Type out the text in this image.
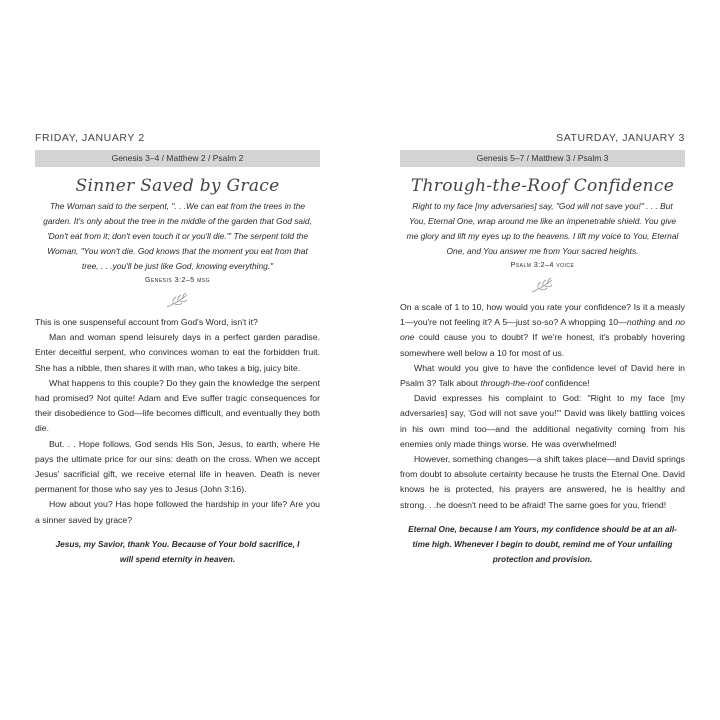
FRIDAY, JANUARY 2
Genesis 3–4 / Matthew 2 / Psalm 2
Sinner Saved by Grace
The Woman said to the serpent, ". . .We can eat from the trees in the garden. It's only about the tree in the middle of the garden that God said, 'Don't eat from it; don't even touch it or you'll die.'" The serpent told the Woman, "You won't die. God knows that the moment you eat from that tree, . . .you'll be just like God, knowing everything."
Genesis 3:2–5 msg

This is one suspenseful account from God's Word, isn't it?

Man and woman spend leisurely days in a perfect garden paradise. Enter deceitful serpent, who convinces woman to eat the forbidden fruit. She has a nibble, then shares it with man, who takes a big, juicy bite.

What happens to this couple? Do they gain the knowledge the serpent had promised? Not quite! Adam and Eve suffer tragic consequences for their disobedience to God—life becomes difficult, and eventually they both die.

But. . . Hope follows. God sends His Son, Jesus, to earth, where He pays the ultimate price for our sins: death on the cross. When we accept Jesus' sacrificial gift, we receive eternal life in heaven. Death is never permanent for those who say yes to Jesus (John 3:16).

How about you? Has hope followed the hardship in your life? Are you a sinner saved by grace?

Jesus, my Savior, thank You. Because of Your bold sacrifice, I will spend eternity in heaven.
SATURDAY, JANUARY 3
Genesis 5–7 / Matthew 3 / Psalm 3
Through-the-Roof Confidence
Right to my face [my adversaries] say, "God will not save you!" . . . But You, Eternal One, wrap around me like an impenetrable shield. You give me glory and lift my eyes up to the heavens. I lift my voice to You, Eternal One, and You answer me from Your sacred heights.
Psalm 3:2–4 voice

On a scale of 1 to 10, how would you rate your confidence? Is it a measly 1—you're not feeling it? A 5—just so-so? A whopping 10—nothing and no one could cause you to doubt? If we're honest, it's probably hovering somewhere well below a 10 for most of us.

What would you give to have the confidence level of David here in Psalm 3? Talk about through-the-roof confidence!

David expresses his complaint to God: "Right to my face [my adversaries] say, 'God will not save you!'" David was likely battling voices in his own mind too—and the additional negativity coming from his enemies only made things worse. He was overwhelmed!

However, something changes—a shift takes place—and David springs from doubt to absolute certainty because he trusts the Eternal One. David knows he is protected, his prayers are answered, he is healthy and strong. . .he doesn't need to be afraid! The same goes for you, friend!

Eternal One, because I am Yours, my confidence should be at an all-time high. Whenever I begin to doubt, remind me of Your unfailing protection and provision.
